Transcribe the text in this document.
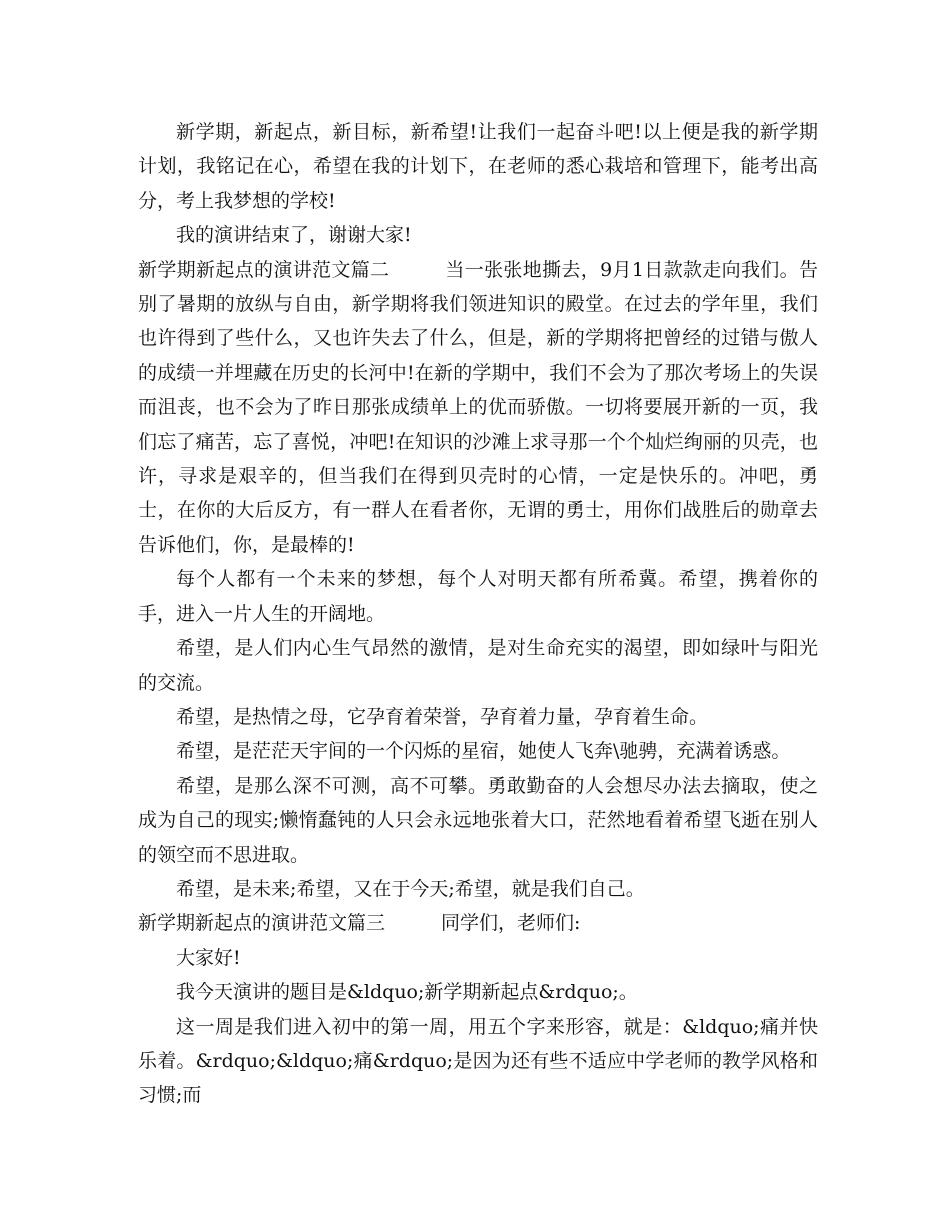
新学期，新起点，新目标，新希望!让我们一起奋斗吧!以上便是我的新学期计划，我铭记在心，希望在我的计划下，在老师的悉心栽培和管理下，能考出高分，考上我梦想的学校!

我的演讲结束了，谢谢大家!

新学期新起点的演讲范文篇二	当一张张地撕去，9月1日款款走向我们。告别了暑期的放纵与自由，新学期将我们领进知识的殿堂。在过去的学年里，我们也许得到了些什么，又也许失去了什么，但是，新的学期将把曾经的过错与傲人的成绩一并埋藏在历史的长河中!在新的学期中，我们不会为了那次考场上的失误而沮丧，也不会为了昨日那张成绩单上的优而骄傲。一切将要展开新的一页，我们忘了痛苦，忘了喜悦，冲吧!在知识的沙滩上求寻那一个个灿烂绚丽的贝壳，也许，寻求是艰辛的，但当我们在得到贝壳时的心情，一定是快乐的。冲吧，勇士，在你的大后反方，有一群人在看者你，无谓的勇士，用你们战胜后的勋章去告诉他们，你，是最棒的!

每个人都有一个未来的梦想，每个人对明天都有所希冀。希望，携着你的手，进入一片人生的开阔地。

希望，是人们内心生气昂然的激情，是对生命充实的渴望，即如绿叶与阳光的交流。

希望，是热情之母，它孕育着荣誉，孕育着力量，孕育着生命。

希望，是茫茫天宇间的一个闪烁的星宿，她使人飞奔\驰骋，充满着诱惑。

希望，是那么深不可测，高不可攀。勇敢勤奋的人会想尽办法去摘取，使之成为自己的现实;懒惰蠢钝的人只会永远地张着大口，茫然地看着希望飞逝在别人的领空而不思进取。

希望，是未来;希望，又在于今天;希望，就是我们自己。

新学期新起点的演讲范文篇三	同学们，老师们:

大家好!

我今天演讲的题目是&ldquo;新学期新起点&rdquo;。

这一周是我们进入初中的第一周，用五个字来形容，就是：&ldquo;痛并快乐着。&rdquo;&ldquo;痛&rdquo;是因为还有些不适应中学老师的教学风格和习惯;而
